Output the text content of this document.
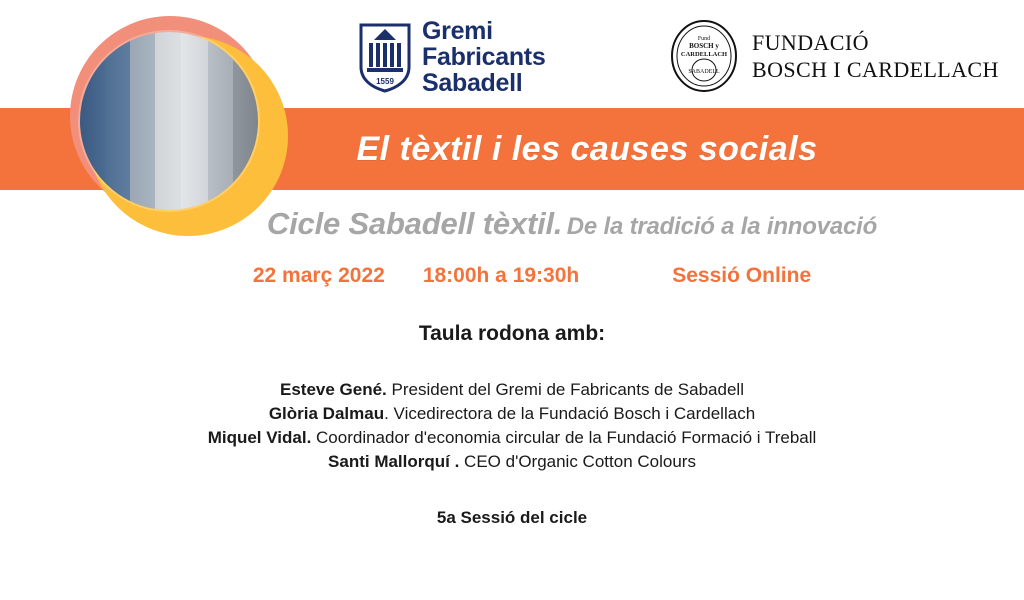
1559
Gremi
Fabricants
Sabadell
Fund
BOSCH y
CARDELLACH
SABADELL
FUNDACIÓ
BOSCH I CARDELLACH
El tèxtil i les causes socials
Cicle Sabadell tèxtil. De la tradició a la innovació
22 març 2022 18:00h a 19:30h	Sessió Online
Taula rodona amb:
Esteve Gené. President del Gremi de Fabricants de Sabadell
Glòria Dalmau. Vicedirectora de la Fundació Bosch i Cardellach
Miquel Vidal. Coordinador d'economia circular de la Fundació Formació i Treball
Santi Mallorquí . CEO d'Organic Cotton Colours
5a Sessió del cicle
